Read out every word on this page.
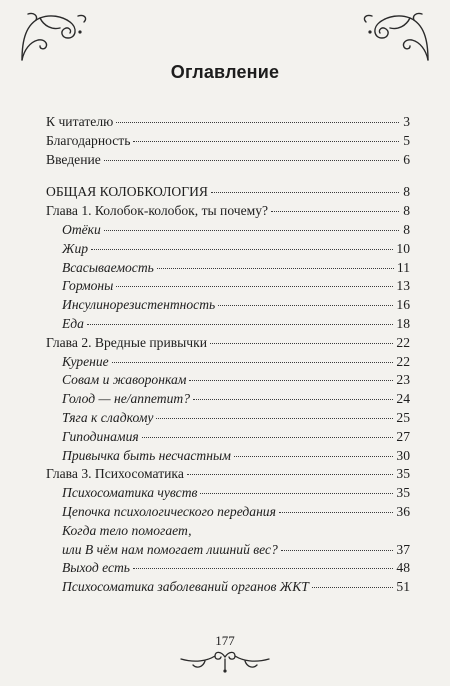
Оглавление
К читателю	3
Благодарность	5
Введение	6
ОБЩАЯ КОЛОБКОЛОГИЯ	8
Глава 1. Колобок-колобок, ты почему?	8
Отёки	8
Жир	10
Всасываемость	11
Гормоны	13
Инсулинорезистентность	16
Еда	18
Глава 2. Вредные привычки	22
Курение	22
Совам и жаворонкам	23
Голод — не/аппетит?	24
Тяга к сладкому	25
Гиподинамия	27
Привычка быть несчастным	30
Глава 3. Психосоматика	35
Психосоматика чувств	35
Цепочка психологического передания	36
Когда тело помогает,
или В чём нам помогает лишний вес?	37
Выход есть	48
Психосоматика заболеваний органов ЖКТ	51
177
